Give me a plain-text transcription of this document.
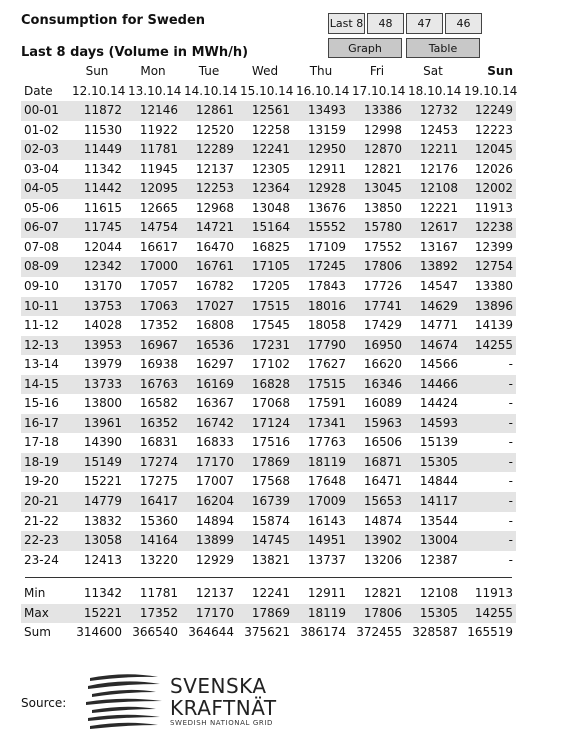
Consumption for Sweden
Last 8 days (Volume in MWh/h)
Last 8	48	47	46
Graph	Table
	Sun	Mon	Tue	Wed	Thu	Fri	Sat	Sun
Date	12.10.14	13.10.14	14.10.14	15.10.14	16.10.14	17.10.14	18.10.14	19.10.14
00-01	11872	12146	12861	12561	13493	13386	12732	12249
01-02	11530	11922	12520	12258	13159	12998	12453	12223
02-03	11449	11781	12289	12241	12950	12870	12211	12045
03-04	11342	11945	12137	12305	12911	12821	12176	12026
04-05	11442	12095	12253	12364	12928	13045	12108	12002
05-06	11615	12665	12968	13048	13676	13850	12221	11913
06-07	11745	14754	14721	15164	15552	15780	12617	12238
07-08	12044	16617	16470	16825	17109	17552	13167	12399
08-09	12342	17000	16761	17105	17245	17806	13892	12754
09-10	13170	17057	16782	17205	17843	17726	14547	13380
10-11	13753	17063	17027	17515	18016	17741	14629	13896
11-12	14028	17352	16808	17545	18058	17429	14771	14139
12-13	13953	16967	16536	17231	17790	16950	14674	14255
13-14	13979	16938	16297	17102	17627	16620	14566	-
14-15	13733	16763	16169	16828	17515	16346	14466	-
15-16	13800	16582	16367	17068	17591	16089	14424	-
16-17	13961	16352	16742	17124	17341	15963	14593	-
17-18	14390	16831	16833	17516	17763	16506	15139	-
18-19	15149	17274	17170	17869	18119	16871	15305	-
19-20	15221	17275	17007	17568	17648	16471	14844	-
20-21	14779	16417	16204	16739	17009	15653	14117	-
21-22	13832	15360	14894	15874	16143	14874	13544	-
22-23	13058	14164	13899	14745	14951	13902	13004	-
23-24	12413	13220	12929	13821	13737	13206	12387	-

Min	11342	11781	12137	12241	12911	12821	12108	11913
Max	15221	17352	17170	17869	18119	17806	15305	14255
Sum	314600	366540	364644	375621	386174	372455	328587	165519
Source:
SVENSKA
KRAFTNÄT
SWEDISH NATIONAL GRID
